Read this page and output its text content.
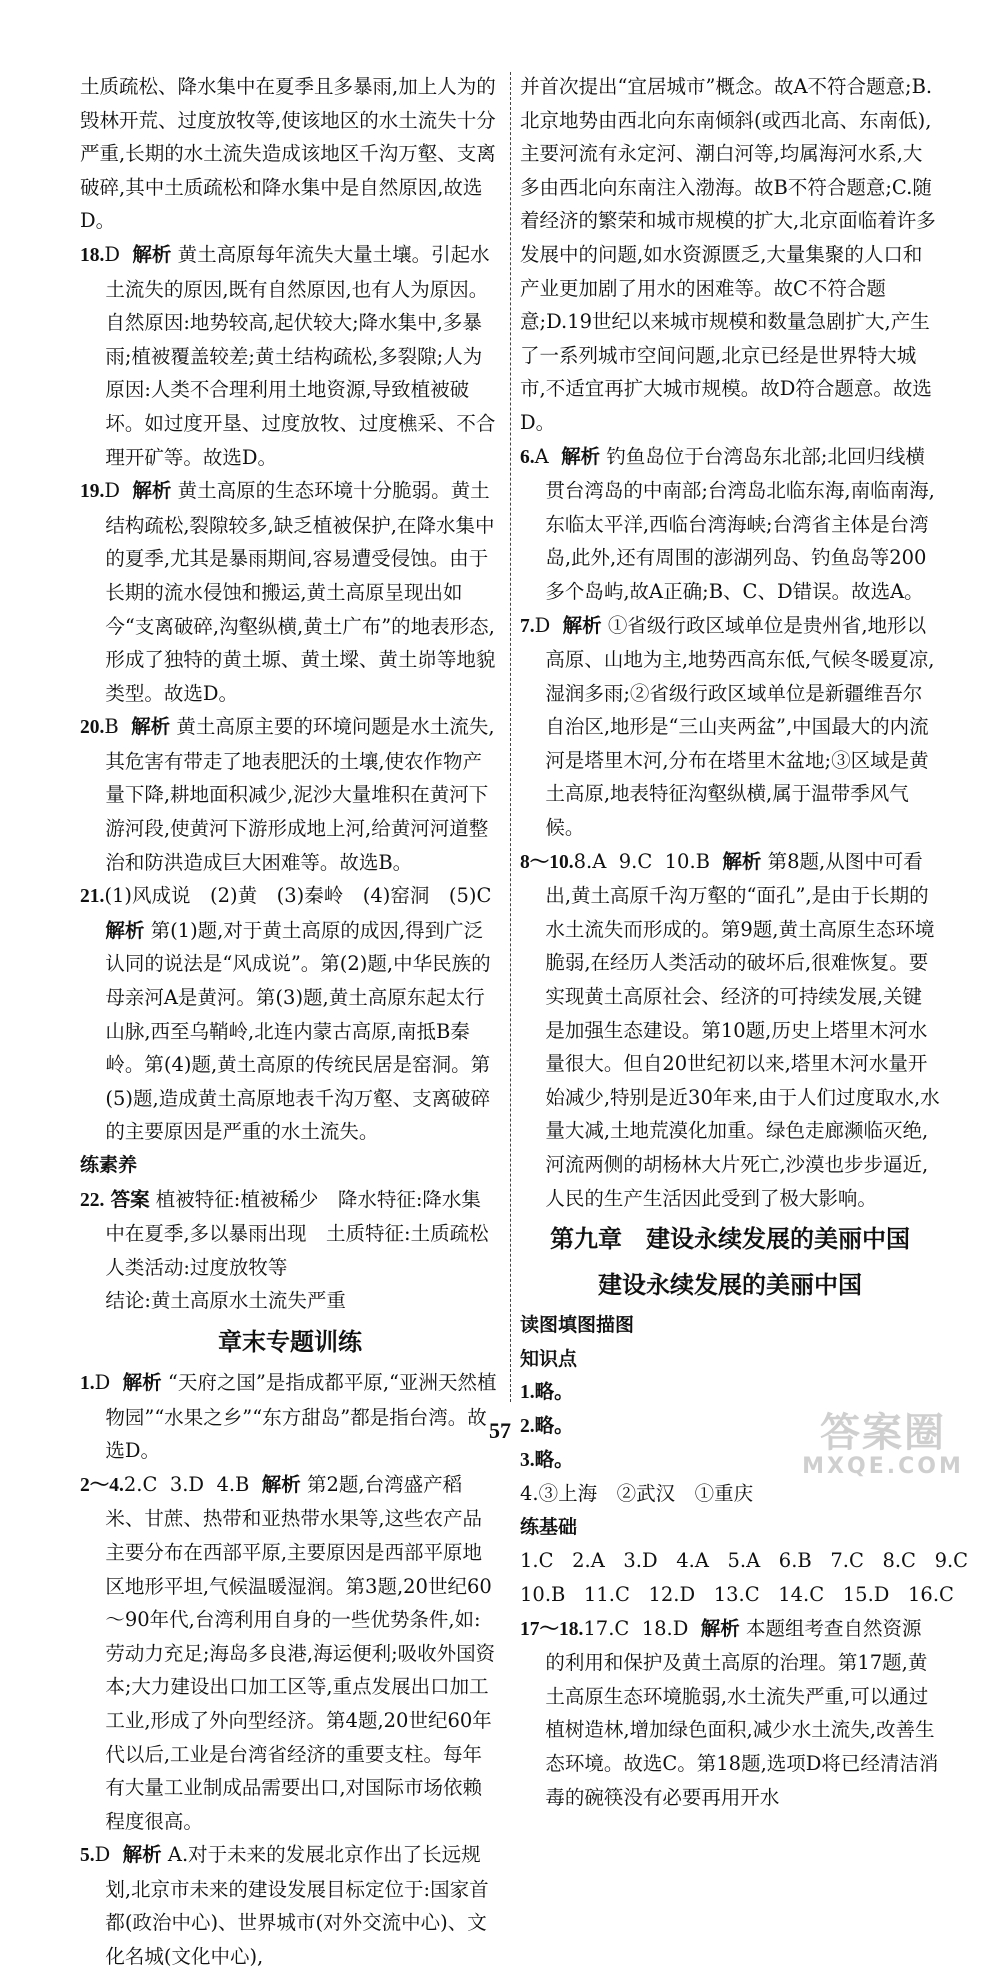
土质疏松、降水集中在夏季且多暴雨,加上人为的毁林开荒、过度放牧等,使该地区的水土流失十分严重,长期的水土流失造成该地区千沟万壑、支离破碎,其中土质疏松和降水集中是自然原因,故选D。

18.D 解析 黄土高原每年流失大量土壤。引起水土流失的原因,既有自然原因,也有人为原因。自然原因:地势较高,起伏较大;降水集中,多暴雨;植被覆盖较差;黄土结构疏松,多裂隙;人为原因:人类不合理利用土地资源,导致植被破坏。如过度开垦、过度放牧、过度樵采、不合理开矿等。故选D。

19.D 解析 黄土高原的生态环境十分脆弱。黄土结构疏松,裂隙较多,缺乏植被保护,在降水集中的夏季,尤其是暴雨期间,容易遭受侵蚀。由于长期的流水侵蚀和搬运,黄土高原呈现出如今“支离破碎,沟壑纵横,黄土广布”的地表形态,形成了独特的黄土塬、黄土墚、黄土峁等地貌类型。故选D。

20.B 解析 黄土高原主要的环境问题是水土流失,其危害有带走了地表肥沃的土壤,使农作物产量下降,耕地面积减少,泥沙大量堆积在黄河下游河段,使黄河下游形成地上河,给黄河河道整治和防洪造成巨大困难等。故选B。

21.(1)风成说　(2)黄　(3)秦岭　(4)窑洞　(5)C

解析 第(1)题,对于黄土高原的成因,得到广泛认同的说法是“风成说”。第(2)题,中华民族的母亲河A是黄河。第(3)题,黄土高原东起太行山脉,西至乌鞘岭,北连内蒙古高原,南抵B秦岭。第(4)题,黄土高原的传统民居是窑洞。第(5)题,造成黄土高原地表千沟万壑、支离破碎的主要原因是严重的水土流失。

练素养

22. 答案 植被特征:植被稀少　降水特征:降水集中在夏季,多以暴雨出现　土质特征:土质疏松　人类活动:过度放牧等

结论:黄土高原水土流失严重

章末专题训练

1.D 解析 “天府之国”是指成都平原,“亚洲天然植物园”“水果之乡”“东方甜岛”都是指台湾。故选D。

2～4.2.C  3.D  4.B 解析 第2题,台湾盛产稻米、甘蔗、热带和亚热带水果等,这些农产品主要分布在西部平原,主要原因是西部平原地区地形平坦,气候温暖湿润。第3题,20世纪60～90年代,台湾利用自身的一些优势条件,如:劳动力充足;海岛多良港,海运便利;吸收外国资本;大力建设出口加工区等,重点发展出口加工工业,形成了外向型经济。第4题,20世纪60年代以后,工业是台湾省经济的重要支柱。每年有大量工业制成品需要出口,对国际市场依赖程度很高。

5.D 解析 A.对于未来的发展北京作出了长远规划,北京市未来的建设发展目标定位于:国家首都(政治中心)、世界城市(对外交流中心)、文化名城(文化中心),

并首次提出“宜居城市”概念。故A不符合题意;B.北京地势由西北向东南倾斜(或西北高、东南低),主要河流有永定河、潮白河等,均属海河水系,大多由西北向东南注入渤海。故B不符合题意;C.随着经济的繁荣和城市规模的扩大,北京面临着许多发展中的问题,如水资源匮乏,大量集聚的人口和产业更加剧了用水的困难等。故C不符合题意;D.19世纪以来城市规模和数量急剧扩大,产生了一系列城市空间问题,北京已经是世界特大城市,不适宜再扩大城市规模。故D符合题意。故选D。

6.A 解析 钓鱼岛位于台湾岛东北部;北回归线横贯台湾岛的中南部;台湾岛北临东海,南临南海,东临太平洋,西临台湾海峡;台湾省主体是台湾岛,此外,还有周围的澎湖列岛、钓鱼岛等200多个岛屿,故A正确;B、C、D错误。故选A。

7.D 解析 ①省级行政区域单位是贵州省,地形以高原、山地为主,地势西高东低,气候冬暖夏凉,湿润多雨;②省级行政区域单位是新疆维吾尔自治区,地形是“三山夹两盆”,中国最大的内流河是塔里木河,分布在塔里木盆地;③区域是黄土高原,地表特征沟壑纵横,属于温带季风气候。

8～10.8.A  9.C  10.B 解析 第8题,从图中可看出,黄土高原千沟万壑的“面孔”,是由于长期的水土流失而形成的。第9题,黄土高原生态环境脆弱,在经历人类活动的破坏后,很难恢复。要实现黄土高原社会、经济的可持续发展,关键是加强生态建设。第10题,历史上塔里木河水量很大。但自20世纪初以来,塔里木河水量开始减少,特别是近30年来,由于人们过度取水,水量大减,土地荒漠化加重。绿色走廊濒临灭绝,河流两侧的胡杨林大片死亡,沙漠也步步逼近,人民的生产生活因此受到了极大影响。

第九章　建设永续发展的美丽中国
建设永续发展的美丽中国

读图填图描图

知识点

1.略。

2.略。

3.略。

4.③上海　②武汉　①重庆

练基础

1.C   2.A   3.D   4.A   5.A   6.B   7.C   8.C   9.C

10.B   11.C   12.D   13.C   14.C   15.D   16.C

17～18.17.C  18.D 解析 本题组考查自然资源的利用和保护及黄土高原的治理。第17题,黄土高原生态环境脆弱,水土流失严重,可以通过植树造林,增加绿色面积,减少水土流失,改善生态环境。故选C。第18题,选项D将已经清洁消毒的碗筷没有必要再用开水

57	答案圈
MXQE.COM
